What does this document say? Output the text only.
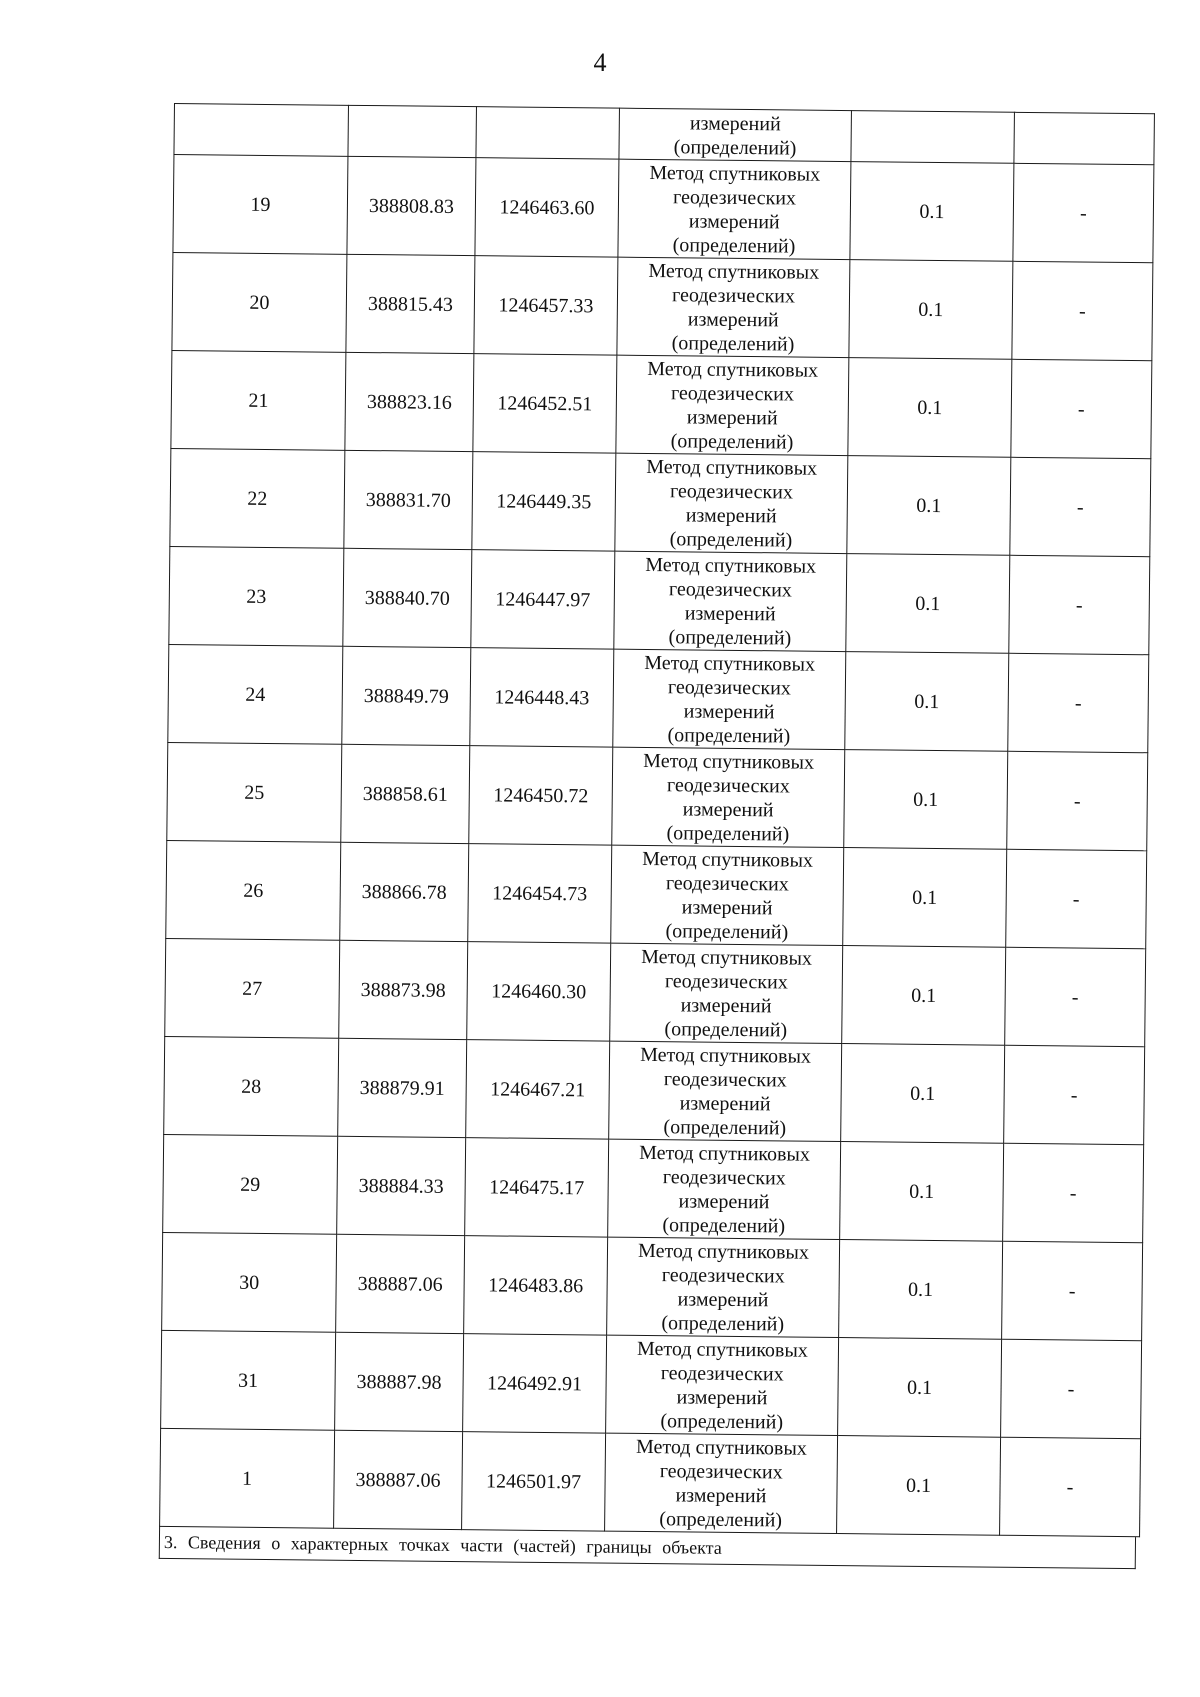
4

			измерений
(определений)		

19	388808.83	1246463.60	Метод спутниковых
геодезических
измерений
(определений)	0.1	-
20	388815.43	1246457.33	Метод спутниковых
геодезических
измерений
(определений)	0.1	-
21	388823.16	1246452.51	Метод спутниковых
геодезических
измерений
(определений)	0.1	-
22	388831.70	1246449.35	Метод спутниковых
геодезических
измерений
(определений)	0.1	-
23	388840.70	1246447.97	Метод спутниковых
геодезических
измерений
(определений)	0.1	-
24	388849.79	1246448.43	Метод спутниковых
геодезических
измерений
(определений)	0.1	-
25	388858.61	1246450.72	Метод спутниковых
геодезических
измерений
(определений)	0.1	-
26	388866.78	1246454.73	Метод спутниковых
геодезических
измерений
(определений)	0.1	-
27	388873.98	1246460.30	Метод спутниковых
геодезических
измерений
(определений)	0.1	-
28	388879.91	1246467.21	Метод спутниковых
геодезических
измерений
(определений)	0.1	-
29	388884.33	1246475.17	Метод спутниковых
геодезических
измерений
(определений)	0.1	-
30	388887.06	1246483.86	Метод спутниковых
геодезических
измерений
(определений)	0.1	-
31	388887.98	1246492.91	Метод спутниковых
геодезических
измерений
(определений)	0.1	-
1	388887.06	1246501.97	Метод спутниковых
геодезических
измерений
(определений)	0.1	-
3. Сведения о характерных точках части (частей) границы объекта
